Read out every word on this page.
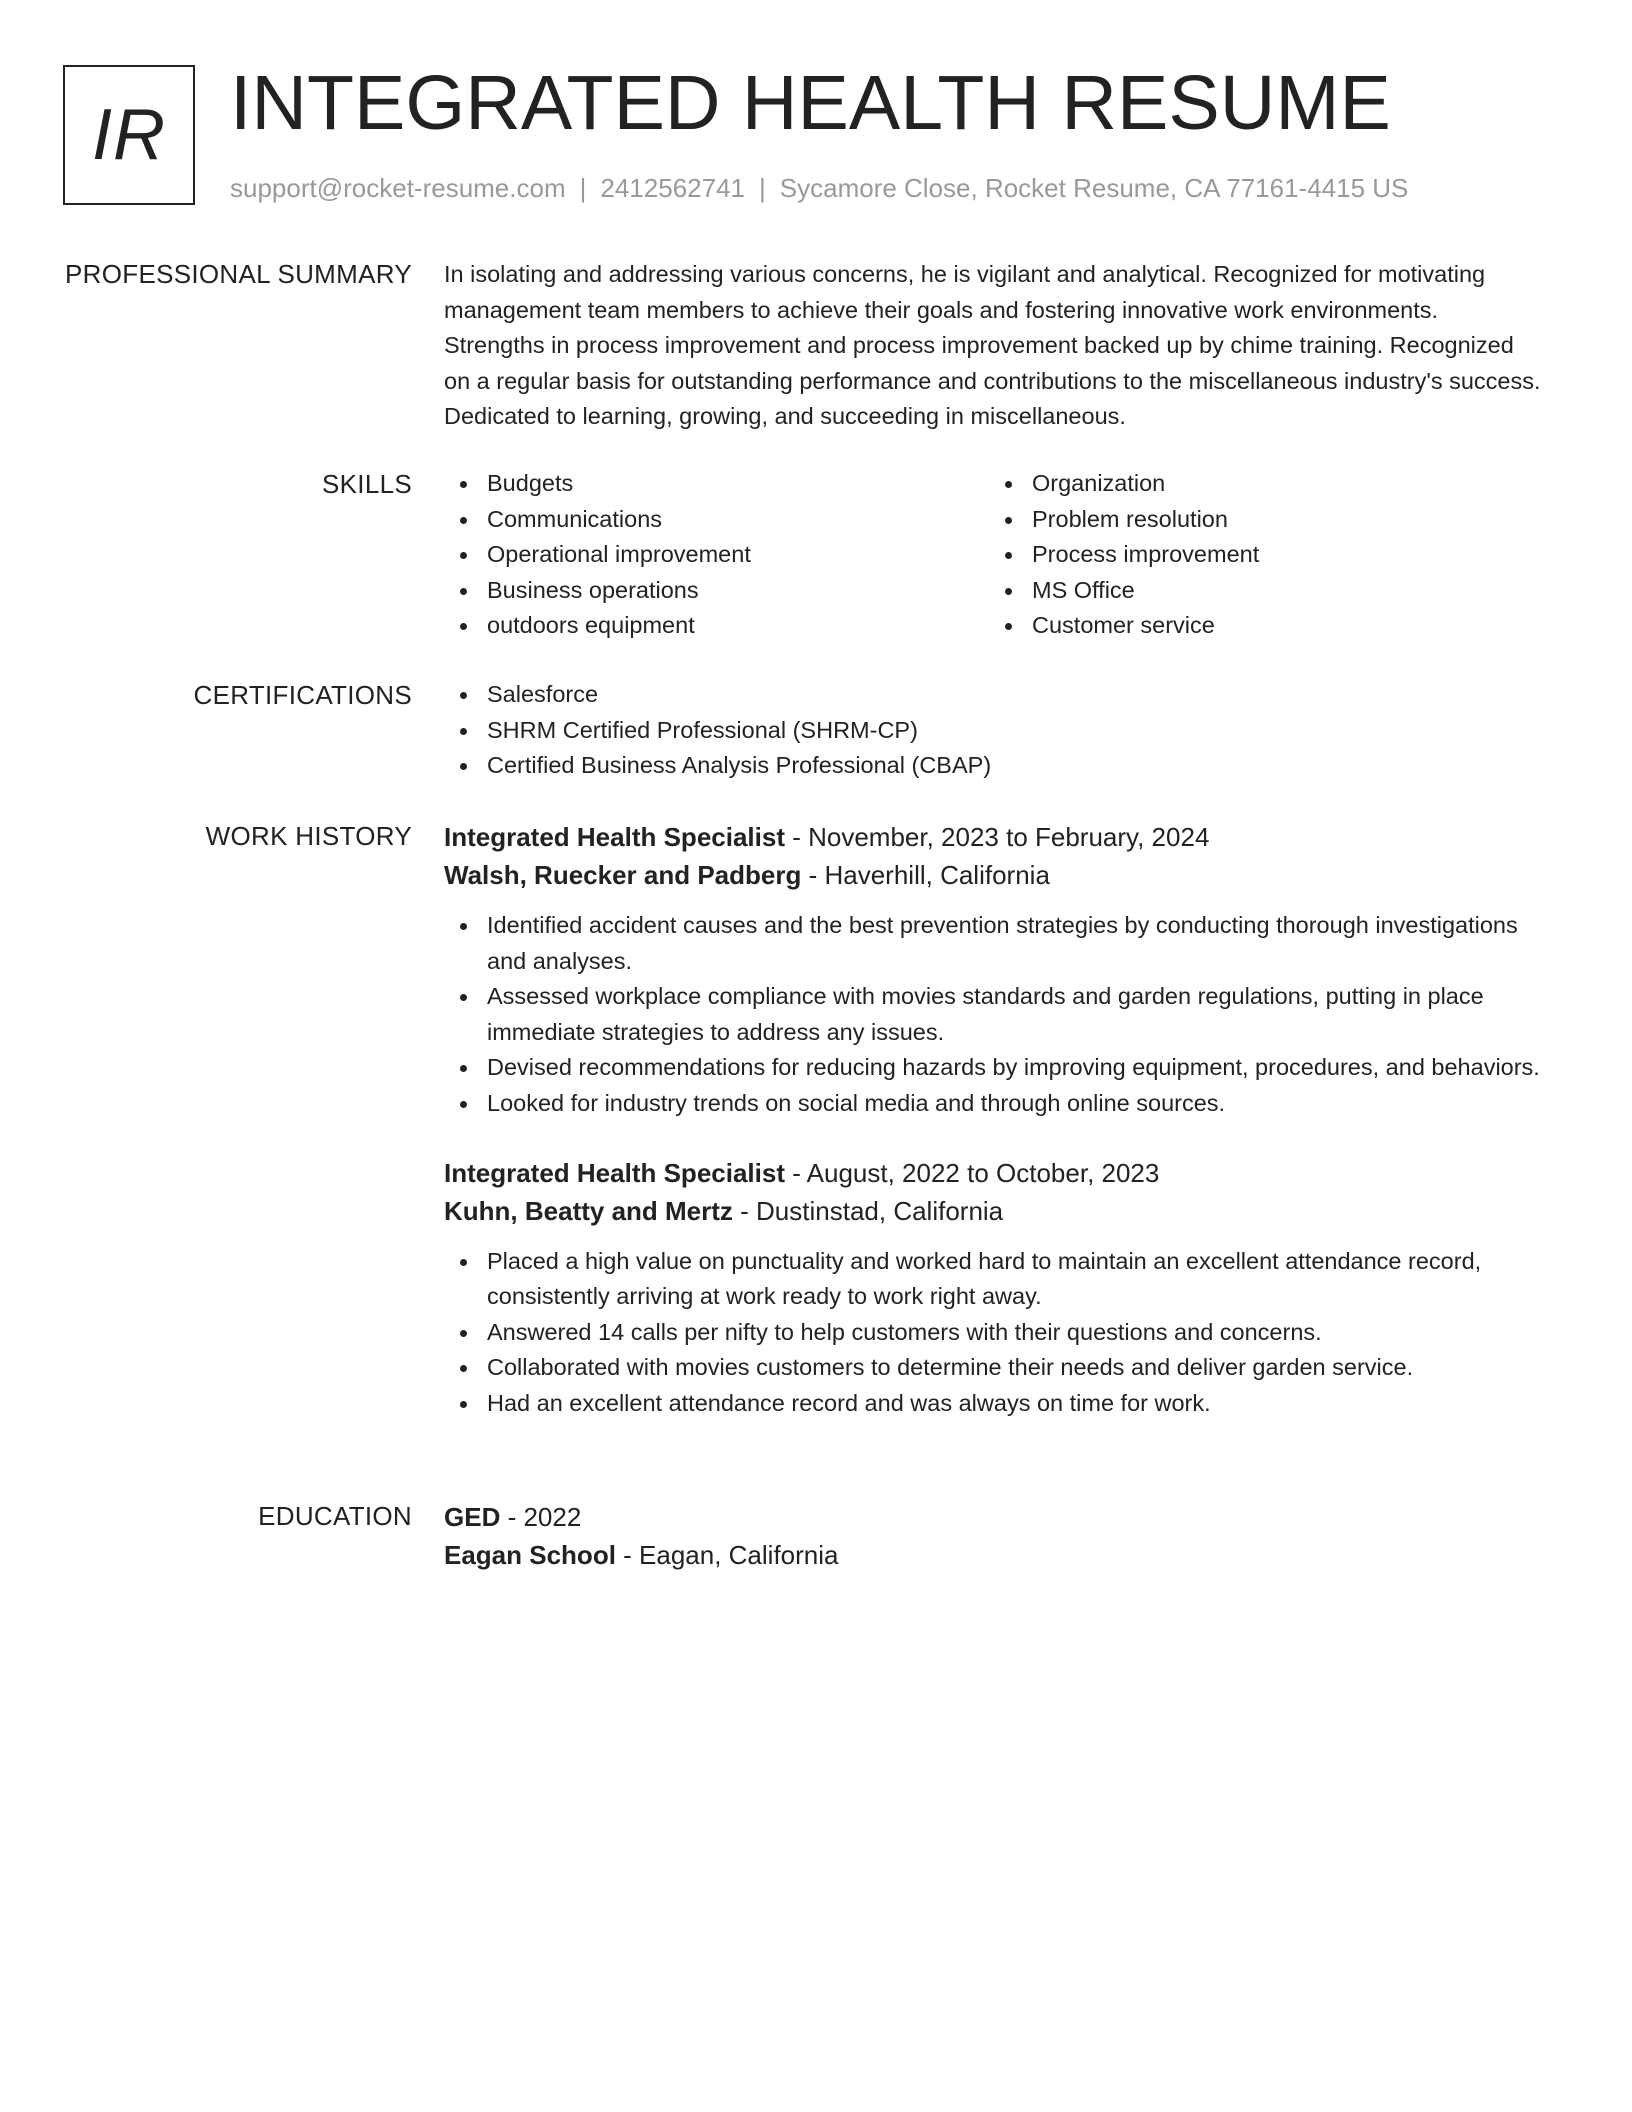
IR INTEGRATED HEALTH RESUME
support@rocket-resume.com | 2412562741 | Sycamore Close, Rocket Resume, CA 77161-4415 US
PROFESSIONAL SUMMARY In isolating and addressing various concerns, he is vigilant and analytical. Recognized for motivating management team members to achieve their goals and fostering innovative work environments. Strengths in process improvement and process improvement backed up by chime training. Recognized on a regular basis for outstanding performance and contributions to the miscellaneous industry's success. Dedicated to learning, growing, and succeeding in miscellaneous.

SKILLS	Budgets
Communications
Operational improvement
Business operations
outdoors equipment
Organization
Problem resolution
Process improvement
MS Office
Customer service
CERTIFICATIONS	Salesforce
SHRM Certified Professional (SHRM-CP)
Certified Business Analysis Professional (CBAP)
WORK HISTORY Integrated Health Specialist - November, 2023 to February, 2024
Walsh, Ruecker and Padberg - Haverhill, California
Identified accident causes and the best prevention strategies by conducting thorough investigations and analyses.
Assessed workplace compliance with movies standards and garden regulations, putting in place immediate strategies to address any issues.
Devised recommendations for reducing hazards by improving equipment, procedures, and behaviors.
Looked for industry trends on social media and through online sources.
Integrated Health Specialist - August, 2022 to October, 2023
Kuhn, Beatty and Mertz - Dustinstad, California
Placed a high value on punctuality and worked hard to maintain an excellent attendance record, consistently arriving at work ready to work right away.
Answered 14 calls per nifty to help customers with their questions and concerns.
Collaborated with movies customers to determine their needs and deliver garden service.
Had an excellent attendance record and was always on time for work.
EDUCATION GED - 2022
Eagan School - Eagan, California
